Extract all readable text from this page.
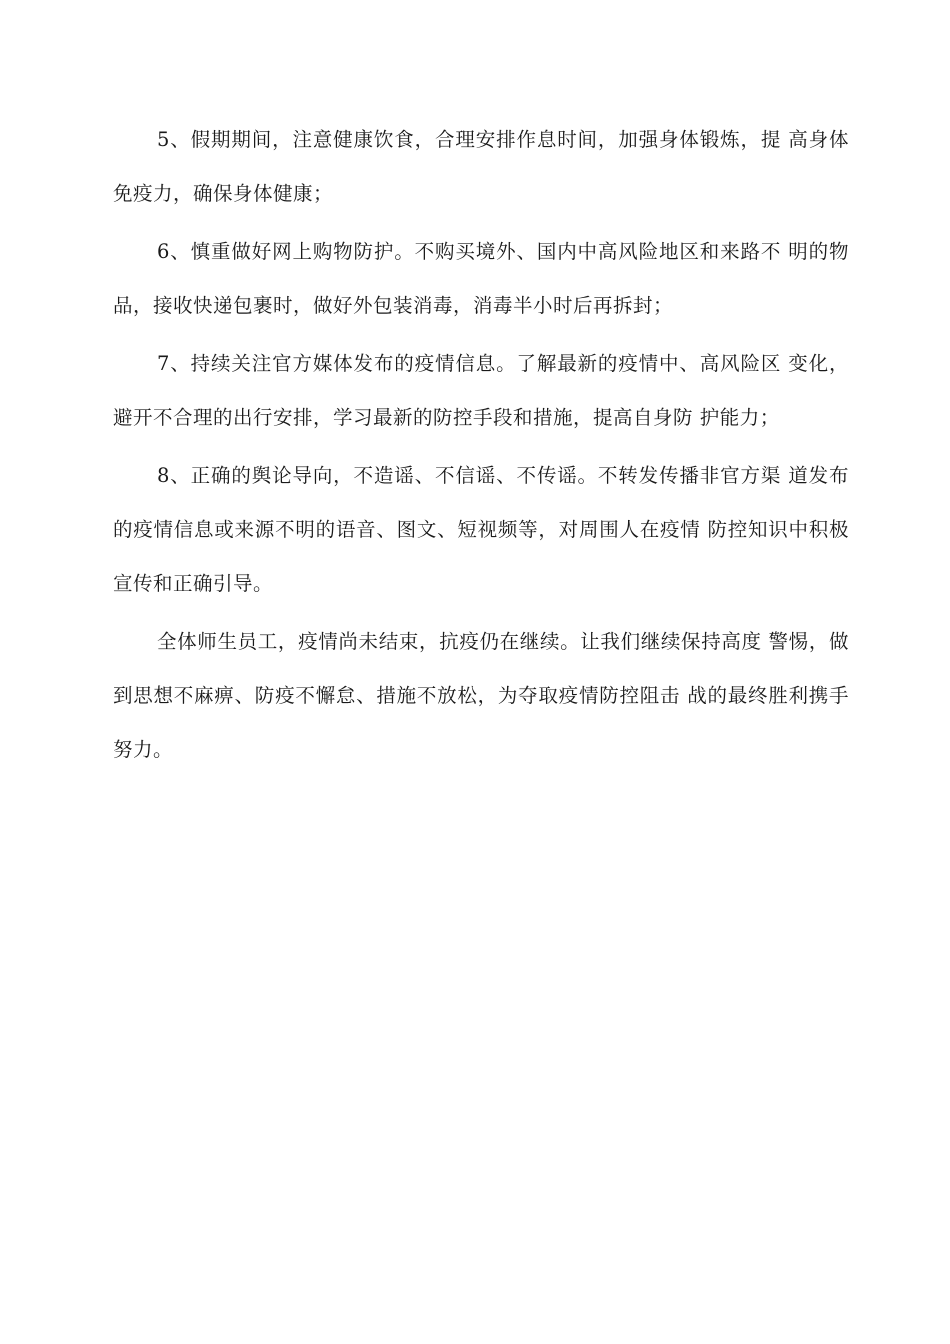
5、假期期间，注意健康饮食，合理安排作息时间，加强身体锻炼，提 高身体免疫力，确保身体健康；

6、慎重做好网上购物防护。不购买境外、国内中高风险地区和来路不 明的物品，接收快递包裹时，做好外包装消毒，消毒半小时后再拆封；

7、持续关注官方媒体发布的疫情信息。了解最新的疫情中、高风险区 变化，避开不合理的出行安排，学习最新的防控手段和措施，提高自身防 护能力；

8、正确的舆论导向，不造谣、不信谣、不传谣。不转发传播非官方渠 道发布的疫情信息或来源不明的语音、图文、短视频等，对周围人在疫情 防控知识中积极宣传和正确引导。

全体师生员工，疫情尚未结束，抗疫仍在继续。让我们继续保持高度 警惕，做到思想不麻痹、防疫不懈怠、措施不放松，为夺取疫情防控阻击 战的最终胜利携手努力。
